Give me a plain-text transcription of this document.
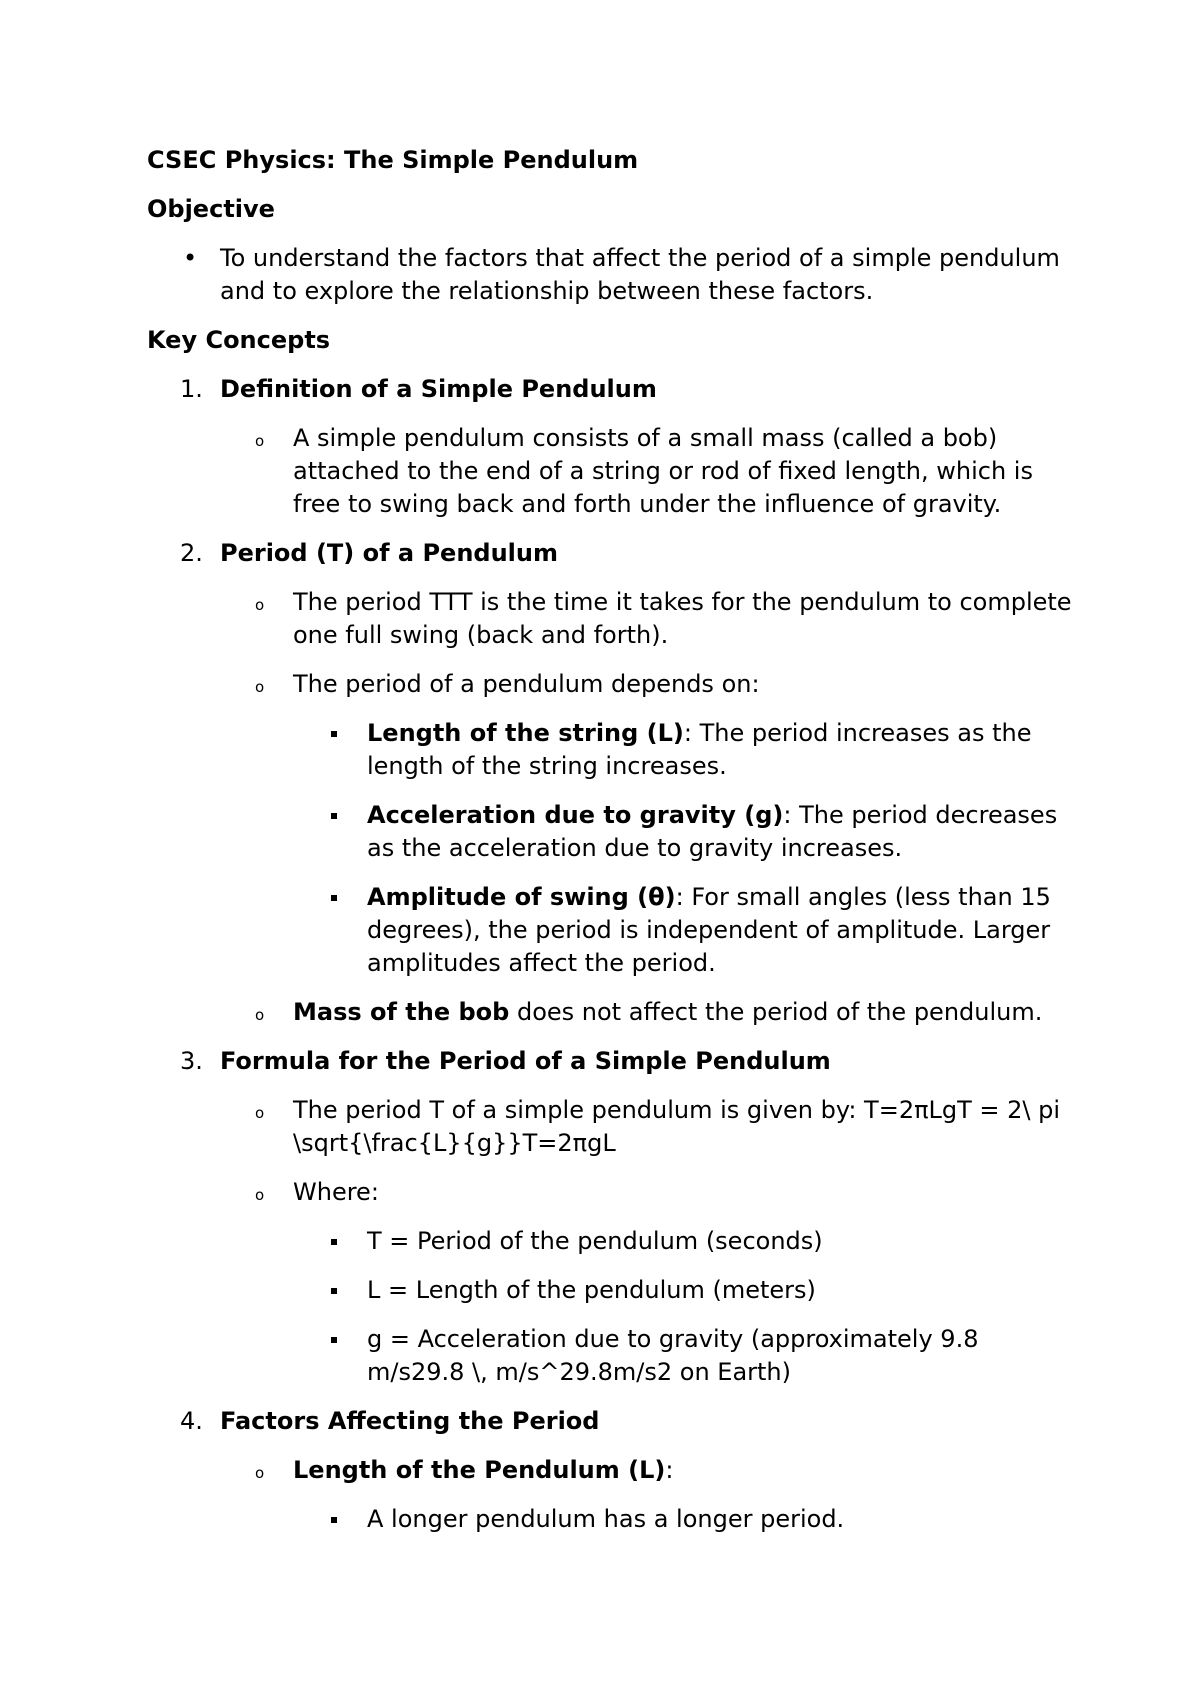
CSEC Physics: The Simple Pendulum
Objective
• To understand the factors that affect the period of a simple pendulum and to explore the relationship between these factors.
Key Concepts
1. Definition of a Simple Pendulum
o A simple pendulum consists of a small mass (called a bob) attached to the end of a string or rod of fixed length, which is free to swing back and forth under the influence of gravity.
2. Period (T) of a Pendulum
o The period TTT is the time it takes for the pendulum to complete one full swing (back and forth).
o The period of a pendulum depends on:
Length of the string (L): The period increases as the length of the string increases.
Acceleration due to gravity (g): The period decreases as the acceleration due to gravity increases.
Amplitude of swing (θ): For small angles (less than 15 degrees), the period is independent of amplitude. Larger amplitudes affect the period.
o Mass of the bob does not affect the period of the pendulum.
3. Formula for the Period of a Simple Pendulum
o The period T of a simple pendulum is given by: T=2πLgT = 2\ pi \sqrt{\frac{L}{g}}T=2πgL
o Where:
T = Period of the pendulum (seconds)
L = Length of the pendulum (meters)
g = Acceleration due to gravity (approximately 9.8 m/s29.8 \, m/s^29.8m/s2 on Earth)
4. Factors Affecting the Period
o Length of the Pendulum (L):
A longer pendulum has a longer period.
